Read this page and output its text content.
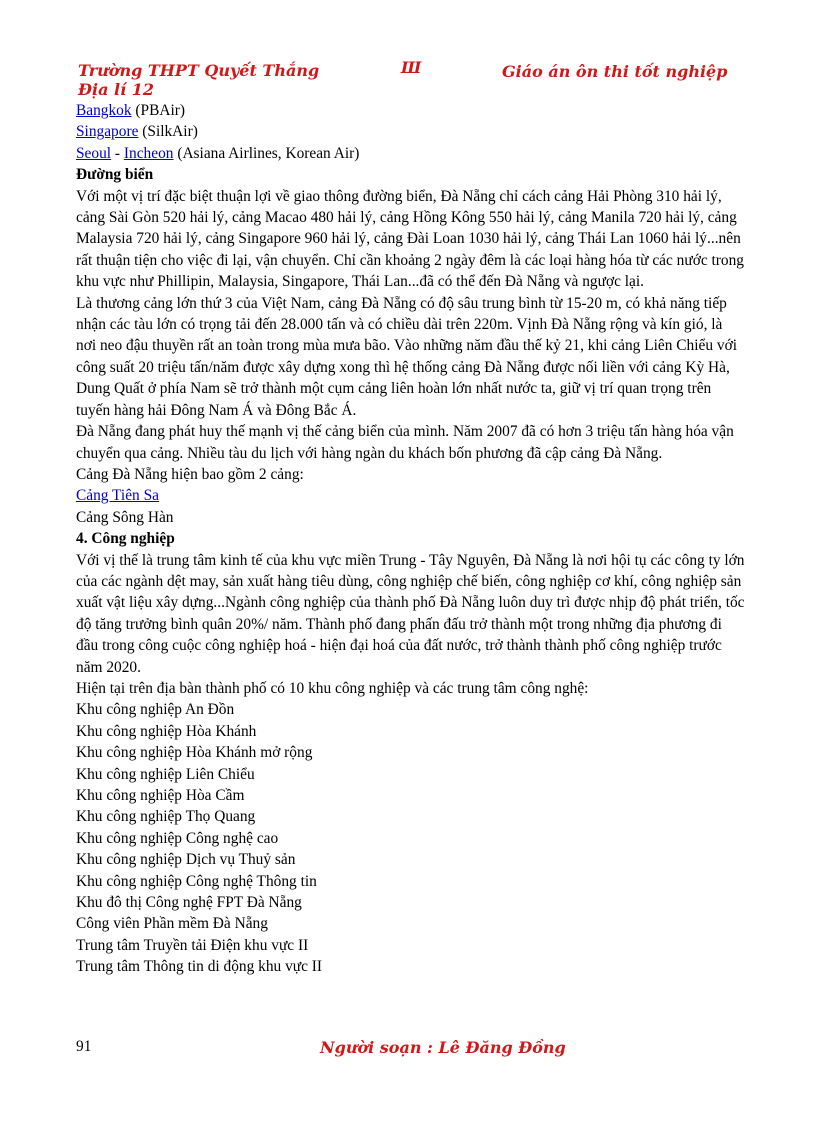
Trường THPT Quyết Thắng
Địa lí 12
Ш	Giáo án ôn thi tốt nghiệp

Bangkok (PBAir)

Singapore (SilkAir)

Seoul - Incheon (Asiana Airlines, Korean Air)

Đường biển

Với một vị trí đặc biệt thuận lợi về giao thông đường biển, Đà Nẵng chỉ cách cảng Hải Phòng 310 hải lý, cảng Sài Gòn 520 hải lý, cảng Macao 480 hải lý, cảng Hồng Kông 550 hải lý, cảng Manila 720 hải lý, cảng Malaysia 720 hải lý, cảng Singapore 960 hải lý, cảng Đài Loan 1030 hải lý, cảng Thái Lan 1060 hải lý...nên rất thuận tiện cho việc đi lại, vận chuyển. Chỉ cần khoảng 2 ngày đêm là các loại hàng hóa từ các nước trong khu vực như Phillipin, Malaysia, Singapore, Thái Lan...đã có thể đến Đà Nẵng và ngược lại.

Là thương cảng lớn thứ 3 của Việt Nam, cảng Đà Nẵng có độ sâu trung bình từ 15-20 m, có khả năng tiếp nhận các tàu lớn có trọng tải đến 28.000 tấn và có chiều dài trên 220m. Vịnh Đà Nẵng rộng và kín gió, là nơi neo đậu thuyền rất an toàn trong mùa mưa bão. Vào những năm đầu thế kỷ 21, khi cảng Liên Chiểu với công suất 20 triệu tấn/năm được xây dựng xong thì hệ thống cảng Đà Nẵng được nối liền với cảng Kỳ Hà, Dung Quất ở phía Nam sẽ trở thành một cụm cảng liên hoàn lớn nhất nước ta, giữ vị trí quan trọng trên tuyến hàng hải Đông Nam Á và Đông Bắc Á.

Đà Nẵng đang phát huy thế mạnh vị thế cảng biển của mình. Năm 2007 đã có hơn 3 triệu tấn hàng hóa vận chuyển qua cảng. Nhiều tàu du lịch với hàng ngàn du khách bốn phương đã cập cảng Đà Nẵng.

Cảng Đà Nẵng hiện bao gồm 2 cảng:

Cảng Tiên Sa

Cảng Sông Hàn

4. Công nghiệp

Với vị thế là trung tâm kinh tế của khu vực miền Trung - Tây Nguyên, Đà Nẵng là nơi hội tụ các công ty lớn của các ngành dệt may, sản xuất hàng tiêu dùng, công nghiệp chế biến, công nghiệp cơ khí, công nghiệp sản xuất vật liệu xây dựng...Ngành công nghiệp của thành phố Đà Nẵng luôn duy trì được nhịp độ phát triển, tốc độ tăng trưởng bình quân 20%/ năm. Thành phố đang phấn đấu trở thành một trong những địa phương đi đầu trong công cuộc công nghiệp hoá - hiện đại hoá của đất nước, trở thành thành phố công nghiệp trước năm 2020.

Hiện tại trên địa bàn thành phố có 10 khu công nghiệp và các trung tâm công nghệ:

Khu công nghiệp An Đồn

Khu công nghiệp Hòa Khánh

Khu công nghiệp Hòa Khánh mở rộng

Khu công nghiệp Liên Chiểu

Khu công nghiệp Hòa Cầm

Khu công nghiệp Thọ Quang

Khu công nghiệp Công nghệ cao

Khu công nghiệp Dịch vụ Thuỷ sản

Khu công nghiệp Công nghệ Thông tin

Khu đô thị Công nghệ FPT Đà Nẵng

Công viên Phần mềm Đà Nẵng

Trung tâm Truyền tải Điện khu vực II

Trung tâm Thông tin di động khu vực II

91	Người soạn : Lê Đăng Đồng
